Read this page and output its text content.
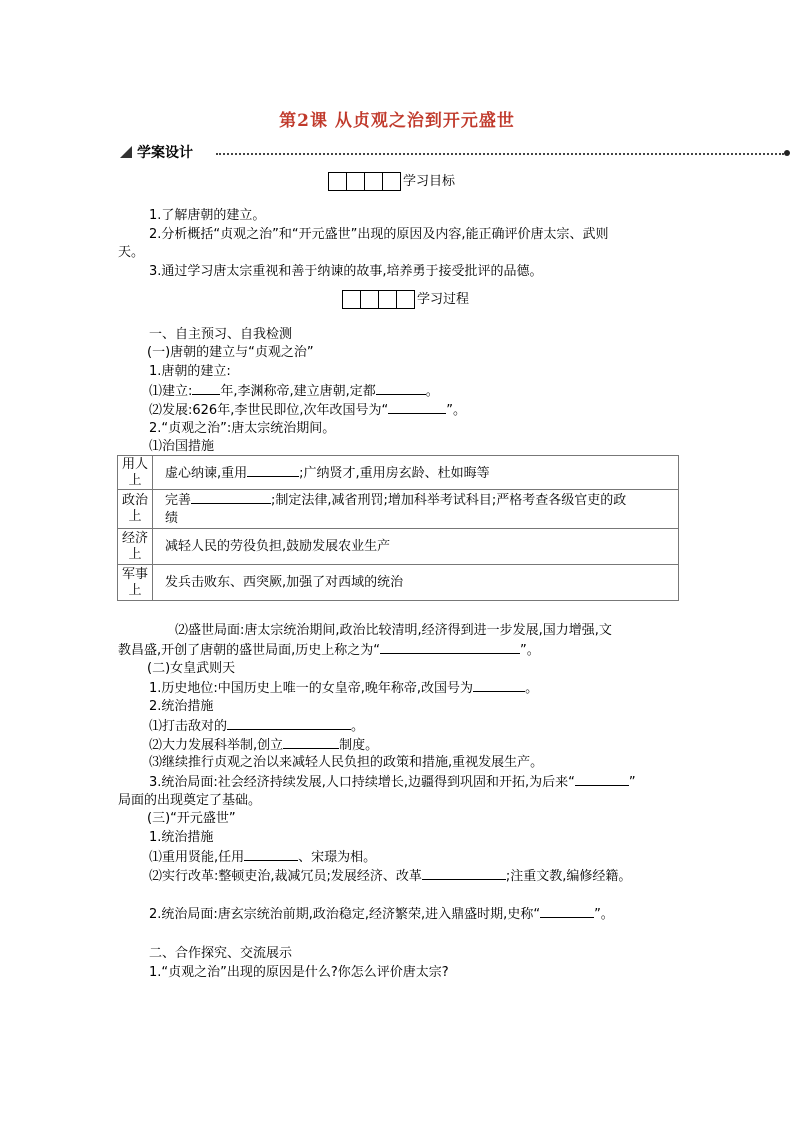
第2课 从贞观之治到开元盛世
学案设计
学习目标
1.了解唐朝的建立。
2.分析概括“贞观之治”和“开元盛世”出现的原因及内容,能正确评价唐太宗、武则
天。
3.通过学习唐太宗重视和善于纳谏的故事,培养勇于接受批评的品德。
学习过程
一、自主预习、自我检测
(一)唐朝的建立与“贞观之治”
1.唐朝的建立:
⑴建立: 年,李渊称帝,建立唐朝,定都	。
⑵发展:626年,李世民即位,次年改国号为“	”。
2.“贞观之治”:唐太宗统治期间。
⑴治国措施
用人
上	虚心纳谏,重用 ;广纳贤才,重用房玄龄、杜如晦等
政治
上	完善 ;制定法律,减省刑罚;增加科举考试科目;严格考查各级官吏的政
绩
经济
上	减轻人民的劳役负担,鼓励发展农业生产
军事
上	发兵击败东、西突厥,加强了对西域的统治
⑵盛世局面:唐太宗统治期间,政治比较清明,经济得到进一步发展,国力增强,文
教昌盛,开创了唐朝的盛世局面,历史上称之为“	”。
(二)女皇武则天
1.历史地位:中国历史上唯一的女皇帝,晚年称帝,改国号为	。
2.统治措施
⑴打击敌对的	。
⑵大力发展科举制,创立	制度。
⑶继续推行贞观之治以来减轻人民负担的政策和措施,重视发展生产。
3.统治局面:社会经济持续发展,人口持续增长,边疆得到巩固和开拓,为后来“	”
局面的出现奠定了基础。
(三)“开元盛世”
1.统治措施
⑴重用贤能,任用	、宋璟为相。
⑵实行改革:整顿吏治,裁减冗员;发展经济、改革	;注重文教,编修经籍。
2.统治局面:唐玄宗统治前期,政治稳定,经济繁荣,进入鼎盛时期,史称“	”。
二、合作探究、交流展示
1.“贞观之治”出现的原因是什么?你怎么评价唐太宗?
